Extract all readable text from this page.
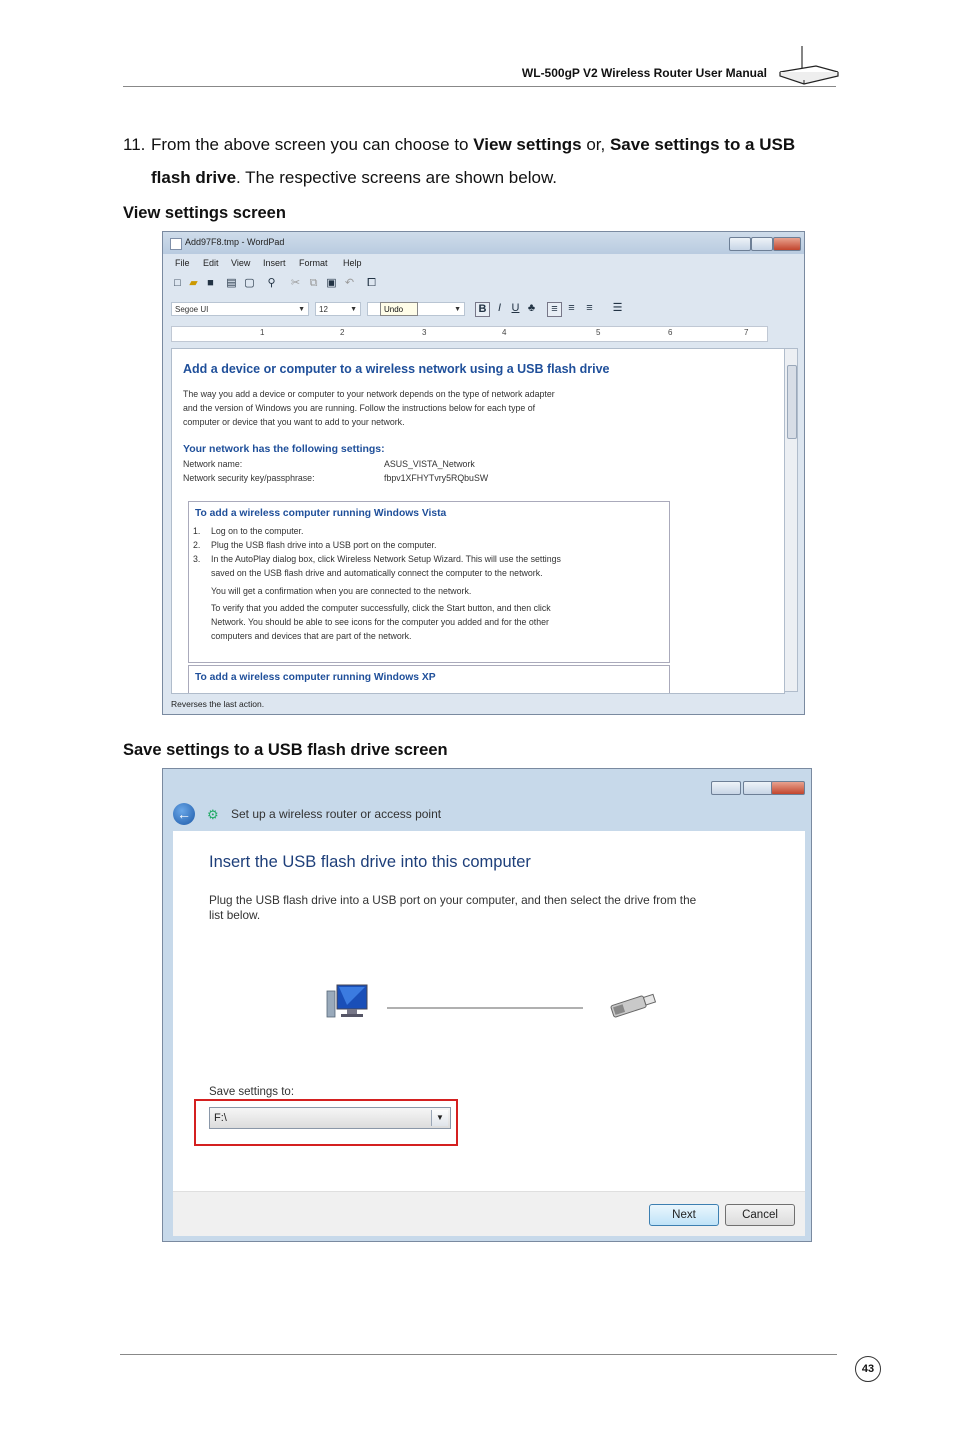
WL-500gP V2 Wireless Router User Manual
11. From the above screen you can choose to View settings or, Save settings to a USB
flash drive. The respective screens are shown below.
View settings screen
Add97F8.tmp - WordPad
File Edit View Insert Format Help
□ ▰ ■ ▤ ▢ ⚲ ✂ ⧉ ▣ ↶ ⧠
Segoe UI	▼	12	▼	▼
Undo	B	I U ♣	≡ ≡ ≡ ☰
1	2	3	4	5	6	7
Add a device or computer to a wireless network using a USB flash drive
The way you add a device or computer to your network depends on the type of network adapter
and the version of Windows you are running. Follow the instructions below for each type of
computer or device that you want to add to your network.
Your network has the following settings:
Network name:	ASUS_VISTA_Network
Network security key/passphrase:	fbpv1XFHYTvry5RQbuSW
To add a wireless computer running Windows Vista
1. Log on to the computer.
2. Plug the USB flash drive into a USB port on the computer.
3. In the AutoPlay dialog box, click Wireless Network Setup Wizard. This will use the settings
saved on the USB flash drive and automatically connect the computer to the network.
You will get a confirmation when you are connected to the network.
To verify that you added the computer successfully, click the Start button, and then click
Network. You should be able to see icons for the computer you added and for the other
computers and devices that are part of the network.
To add a wireless computer running Windows XP
Reverses the last action.
Save settings to a USB flash drive screen
←	⚙ Set up a wireless router or access point
Insert the USB flash drive into this computer
Plug the USB flash drive into a USB port on your computer, and then select the drive from the list below.
Save settings to:
F:\	▼
Next	Cancel
43
